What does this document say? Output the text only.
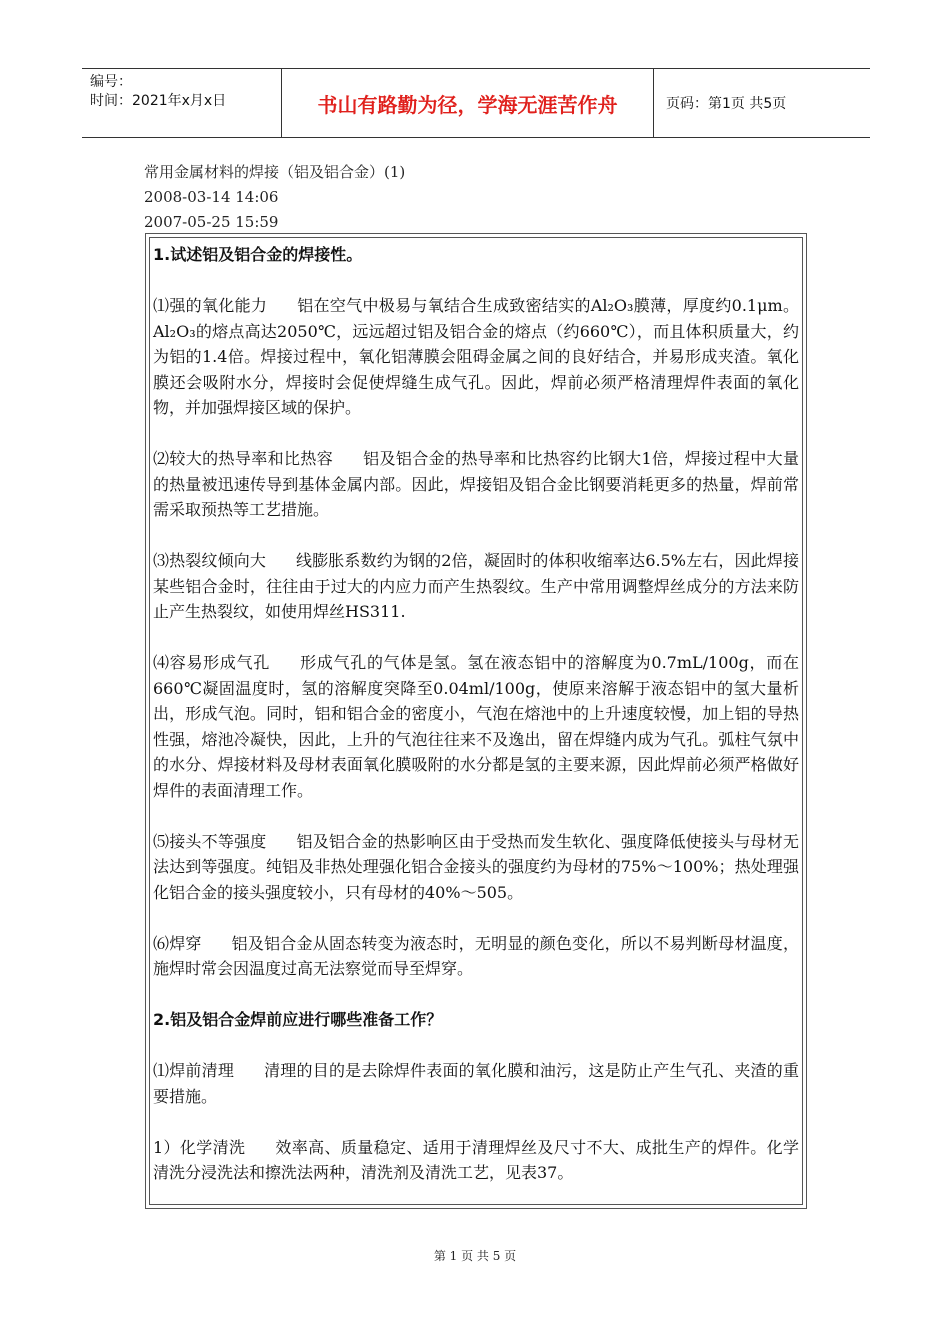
编号：
时间：2021年x月x日	书山有路勤为径，学海无涯苦作舟	页码：第1页 共5页
常用金属材料的焊接（铝及铝合金）(1)
2008-03-14 14:06
2007-05-25 15:59

1.试述铝及铝合金的焊接性。

⑴强的氧化能力 铝在空气中极易与氧结合生成致密结实的Al₂O₃膜薄，厚度约0.1μm。Al₂O₃的熔点高达2050℃，远远超过铝及铝合金的熔点（约660℃），而且体积质量大，约为铝的1.4倍。焊接过程中，氧化铝薄膜会阻碍金属之间的良好结合，并易形成夹渣。氧化膜还会吸附水分，焊接时会促使焊缝生成气孔。因此，焊前必须严格清理焊件表面的氧化物，并加强焊接区域的保护。

⑵较大的热导率和比热容 铝及铝合金的热导率和比热容约比钢大1倍，焊接过程中大量的热量被迅速传导到基体金属内部。因此，焊接铝及铝合金比钢要消耗更多的热量，焊前常需采取预热等工艺措施。

⑶热裂纹倾向大 线膨胀系数约为钢的2倍，凝固时的体积收缩率达6.5%左右，因此焊接某些铝合金时，往往由于过大的内应力而产生热裂纹。生产中常用调整焊丝成分的方法来防止产生热裂纹，如使用焊丝HS311.

⑷容易形成气孔 形成气孔的气体是氢。氢在液态铝中的溶解度为0.7mL/100g，而在660℃凝固温度时，氢的溶解度突降至0.04ml/100g，使原来溶解于液态铝中的氢大量析出，形成气泡。同时，铝和铝合金的密度小，气泡在熔池中的上升速度较慢，加上铝的导热性强，熔池冷凝快，因此，上升的气泡往往来不及逸出，留在焊缝内成为气孔。弧柱气氛中的水分、焊接材料及母材表面氧化膜吸附的水分都是氢的主要来源，因此焊前必须严格做好焊件的表面清理工作。

⑸接头不等强度 铝及铝合金的热影响区由于受热而发生软化、强度降低使接头与母材无法达到等强度。纯铝及非热处理强化铝合金接头的强度约为母材的75%～100%；热处理强化铝合金的接头强度较小，只有母材的40%～505。

⑹焊穿 铝及铝合金从固态转变为液态时，无明显的颜色变化，所以不易判断母材温度，施焊时常会因温度过高无法察觉而导至焊穿。

2.铝及铝合金焊前应进行哪些准备工作？

⑴焊前清理 清理的目的是去除焊件表面的氧化膜和油污，这是防止产生气孔、夹渣的重要措施。

1）化学清洗 效率高、质量稳定、适用于清理焊丝及尺寸不大、成批生产的焊件。化学清洗分浸洗法和擦洗法两种，清洗剂及清洗工艺，见表37。

第 1 页 共 5 页
